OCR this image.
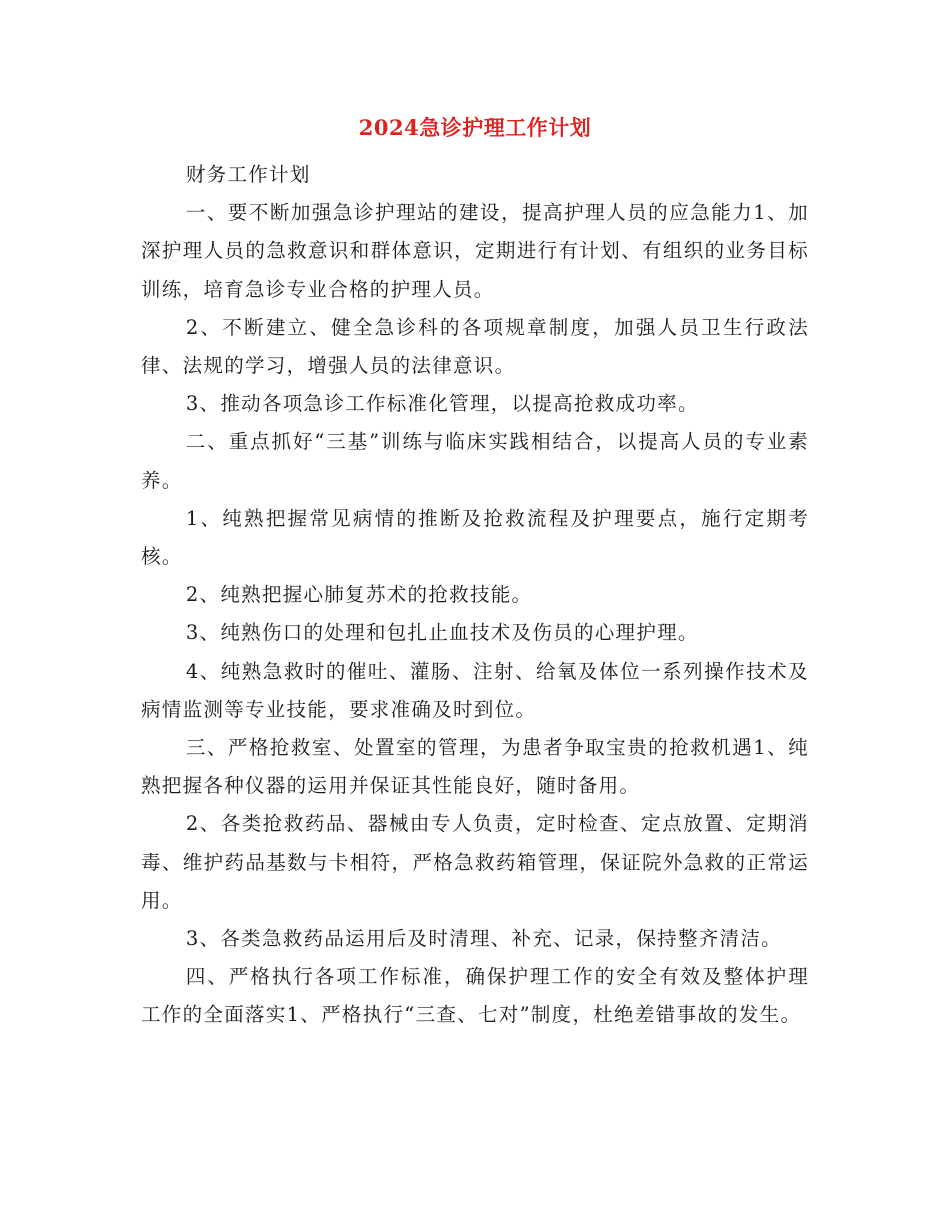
2024急诊护理工作计划

财务工作计划

一、要不断加强急诊护理站的建设，提高护理人员的应急能力1、加深护理人员的急救意识和群体意识，定期进行有计划、有组织的业务目标训练，培育急诊专业合格的护理人员。

2、不断建立、健全急诊科的各项规章制度，加强人员卫生行政法律、法规的学习，增强人员的法律意识。

3、推动各项急诊工作标准化管理，以提高抢救成功率。

二、重点抓好“三基”训练与临床实践相结合，以提高人员的专业素养。

1、纯熟把握常见病情的推断及抢救流程及护理要点，施行定期考核。

2、纯熟把握心肺复苏术的抢救技能。

3、纯熟伤口的处理和包扎止血技术及伤员的心理护理。

4、纯熟急救时的催吐、灌肠、注射、给氧及体位一系列操作技术及病情监测等专业技能，要求准确及时到位。

三、严格抢救室、处置室的管理，为患者争取宝贵的抢救机遇1、纯熟把握各种仪器的运用并保证其性能良好，随时备用。

2、各类抢救药品、器械由专人负责，定时检查、定点放置、定期消毒、维护药品基数与卡相符，严格急救药箱管理，保证院外急救的正常运用。

3、各类急救药品运用后及时清理、补充、记录，保持整齐清洁。

四、严格执行各项工作标准，确保护理工作的安全有效及整体护理工作的全面落实1、严格执行“三查、七对”制度，杜绝差错事故的发生。
